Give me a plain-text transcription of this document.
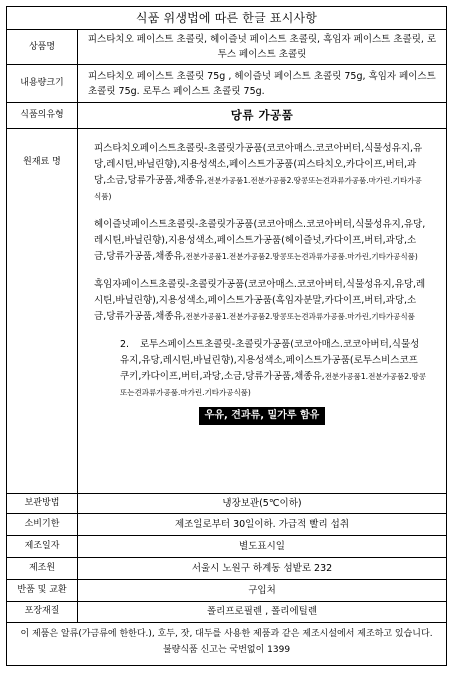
식품 위생법에 따른 한글 표시사항
상품명	피스타치오 페이스트 초콜릿, 헤이즐넛 페이스트 초콜릿, 흑임자 페이스트 초콜릿, 로투스 페이스트 초콜릿
내용량크기	피스타치오 페이스트 초콜릿 75g , 헤이즐넛 페이스트 초콜릿 75g, 흑임자 페이스트 초콜릿 75g. 로투스 페이스트 초콜릿 75g.
식품의유형	당류 가공품
원재료 명	피스타치오페이스트초콜릿-초콜릿가공품(코코아매스.코코아버터,식물성유지,유당,레시틴,바닐린향),지용성색소,페이스트가공품(피스타치오,카다이프,버터,과당,소금,당류가공품,채종유,전분가공품1.전분가공품2.땅콩또는견과류가공품.마가린.기타가공식품)

헤이즐넛페이스트초콜릿-초콜릿가공품(코코아매스.코코아버터,식물성유지,유당,레시틴,바닐린향),지용성색소,페이스트가공품(헤이즐넛,카다이프,버터,과당,소금,당류가공품,채종유,전분가공품1.전분가공품2.땅콩또는견과류가공품.마가린,기타가공식품)

흑임자페이스트초콜릿-초콜릿가공품(코코아매스.코코아버터,식물성유지,유당,레시틴,바닐린향),지용성색소,페이스트가공품(흑임자분말,카다이프,버터,과당,소금,당류가공품,채종유,전분가공품1.전분가공품2.땅콩또는견과류가공품.마가린,기타가공식품

2. 로투스페이스트초콜릿-초콜릿가공품(코코아매스.코코아버터,식물성유지,유당,레시틴,바닐린향),지용성색소,페이스트가공품(로투스비스코프쿠키,카다이프,버터,과당,소금,당류가공품,채종유,전분가공품1.전분가공품2.땅콩또는견과류가공품.마가린.기타가공식품)

우유, 견과류, 밀가루 함유

보관방법	냉장보관(5℃이하)
소비기한	제조일로부터 30일이하. 가급적 빨리 섭취
제조일자	별도표시일
제조원	서울시 노원구 하계동 섬밭로 232
반품 및 교환	구입처
포장재질	폴리프로필렌 , 폴리에틸렌
이 제품은 알류(가금류에 한한다.), 호두, 잣, 대두를 사용한 제품과 같은 제조시설에서 제조하고 있습니다. 불량식품 신고는 국번없이 1399
